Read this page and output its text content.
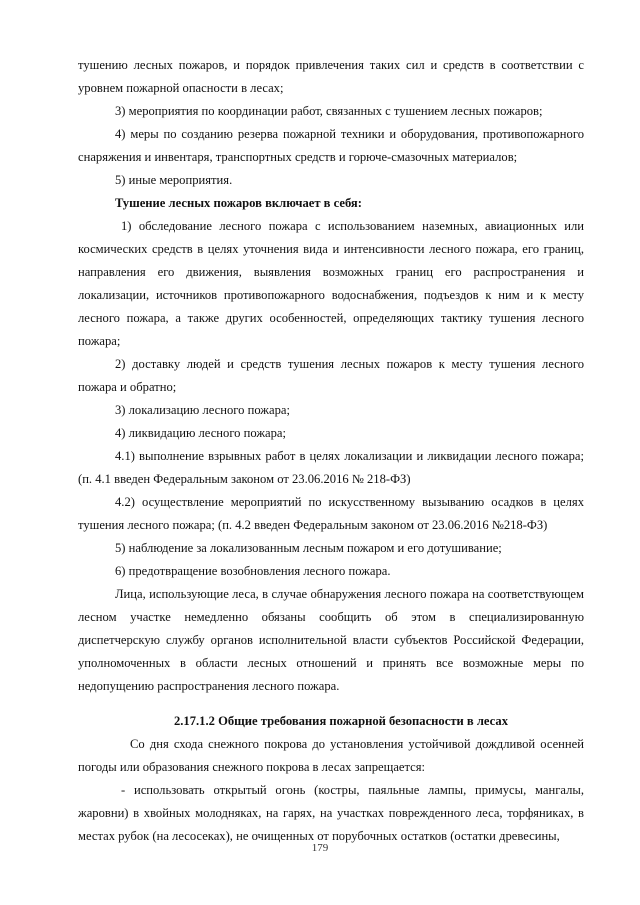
тушению лесных пожаров, и порядок привлечения таких сил и средств в соответствии с уровнем пожарной опасности в лесах;

3) мероприятия по координации работ, связанных с тушением лесных пожаров;

4) меры по созданию резерва пожарной техники и оборудования, противопожарного снаряжения и инвентаря, транспортных средств и горюче-смазочных материалов;

5) иные мероприятия.

Тушение лесных пожаров включает в себя:

1) обследование лесного пожара с использованием наземных, авиационных или космических средств в целях уточнения вида и интенсивности лесного пожара, его границ, направления его движения, выявления возможных границ его распространения и локализации, источников противопожарного водоснабжения, подъездов к ним и к месту лесного пожара, а также других особенностей, определяющих тактику тушения лесного пожара;

2) доставку людей и средств тушения лесных пожаров к месту тушения лесного пожара и обратно;

3) локализацию лесного пожара;

4) ликвидацию лесного пожара;

4.1) выполнение взрывных работ в целях локализации и ликвидации лесного пожара; (п. 4.1 введен Федеральным законом от 23.06.2016 № 218-ФЗ)

4.2) осуществление мероприятий по искусственному вызыванию осадков в целях тушения лесного пожара; (п. 4.2 введен Федеральным законом от 23.06.2016 №218-ФЗ)

5) наблюдение за локализованным лесным пожаром и его дотушивание;

6) предотвращение возобновления лесного пожара.

Лица, использующие леса, в случае обнаружения лесного пожара на соответствующем лесном участке немедленно обязаны сообщить об этом в специализированную диспетчерскую службу органов исполнительной власти субъектов Российской Федерации, уполномоченных в области лесных отношений и принять все возможные меры по недопущению распространения лесного пожара.

2.17.1.2 Общие требования пожарной безопасности в лесах

Со дня схода снежного покрова до установления устойчивой дождливой осенней погоды или образования снежного покрова в лесах запрещается:

- использовать открытый огонь (костры, паяльные лампы, примусы, мангалы, жаровни) в хвойных молодняках, на гарях, на участках поврежденного леса, торфяниках, в местах рубок (на лесосеках), не очищенных от порубочных остатков (остатки древесины,

179
